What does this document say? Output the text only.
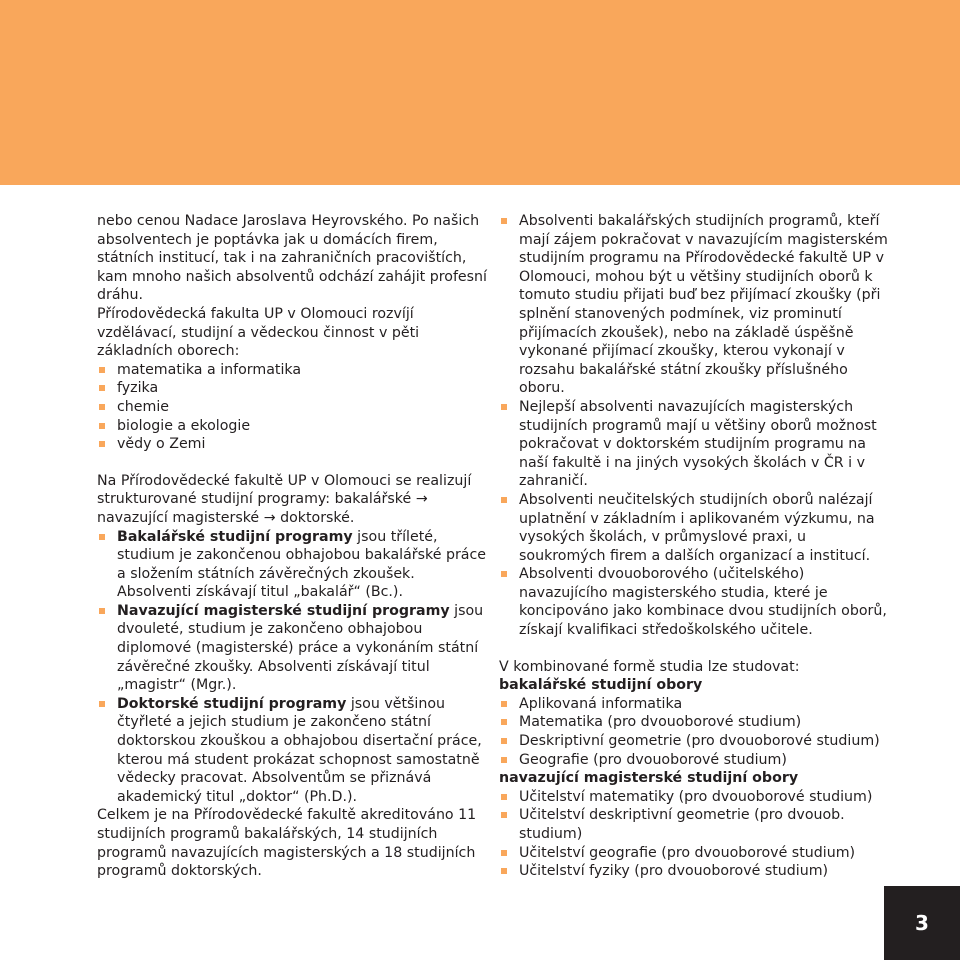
nebo cenou Nadace Jaroslava Heyrovského. Po našich absolventech je poptávka jak u domácích firem, státních institucí, tak i na zahraničních pracovištích, kam mnoho našich absolventů odchází zahájit profesní dráhu.

Přírodovědecká fakulta UP v Olomouci rozvíjí vzdělávací, studijní a vědeckou činnost v pěti základních oborech:

matematika a informatika
fyzika
chemie
biologie a ekologie
vědy o Zemi

Na Přírodovědecké fakultě UP v Olomouci se realizují strukturované studijní programy: bakalářské → navazující magisterské → doktorské.

Bakalářské studijní programy jsou tříleté, studium je zakončenou obhajobou bakalářské práce a složením státních závěrečných zkoušek. Absolventi získávají titul „bakalář“ (Bc.).
Navazující magisterské studijní programy jsou dvouleté, studium je zakončeno obhajobou diplomové (magisterské) práce a vykonáním státní závěrečné zkoušky. Absolventi získávají titul „magistr“ (Mgr.).
Doktorské studijní programy jsou většinou čtyřleté a jejich studium je zakončeno státní doktorskou zkouškou a obhajobou disertační práce, kterou má student prokázat schopnost samostatně vědecky pracovat. Absolventům se přiznává akademický titul „doktor“ (Ph.D.).

Celkem je na Přírodovědecké fakultě akreditováno 11 studijních programů bakalářských, 14 studijních programů navazujících magisterských a 18 studijních programů doktorských.

Absolventi bakalářských studijních programů, kteří mají zájem pokračovat v navazujícím magisterském studijním programu na Přírodovědecké fakultě UP v Olomouci, mohou být u většiny studijních oborů k tomuto studiu přijati buď bez přijímací zkoušky (při splnění stanovených podmínek, viz prominutí přijímacích zkoušek), nebo na základě úspěšně vykonané přijímací zkoušky, kterou vykonají v rozsahu bakalářské státní zkoušky příslušného oboru.
Nejlepší absolventi navazujících magisterských studijních programů mají u většiny oborů možnost pokračovat v doktorském studijním programu na naší fakultě i na jiných vysokých školách v ČR i v zahraničí.
Absolventi neučitelských studijních oborů nalézají uplatnění v základním i aplikovaném výzkumu, na vysokých školách, v průmyslové praxi, u soukromých firem a dalších organizací a institucí.
Absolventi dvouoborového (učitelského) navazujícího magisterského studia, které je koncipováno jako kombinace dvou studijních oborů, získají kvalifikaci středoškolského učitele.

V kombinované formě studia lze studovat:

bakalářské studijní obory

Aplikovaná informatika
Matematika (pro dvouoborové studium)
Deskriptivní geometrie (pro dvouoborové studium)
Geografie (pro dvouoborové studium)

navazující magisterské studijní obory

Učitelství matematiky (pro dvouoborové studium)
Učitelství deskriptivní geometrie (pro dvouob. studium)
Učitelství geografie (pro dvouoborové studium)
Učitelství fyziky (pro dvouoborové studium)
3
